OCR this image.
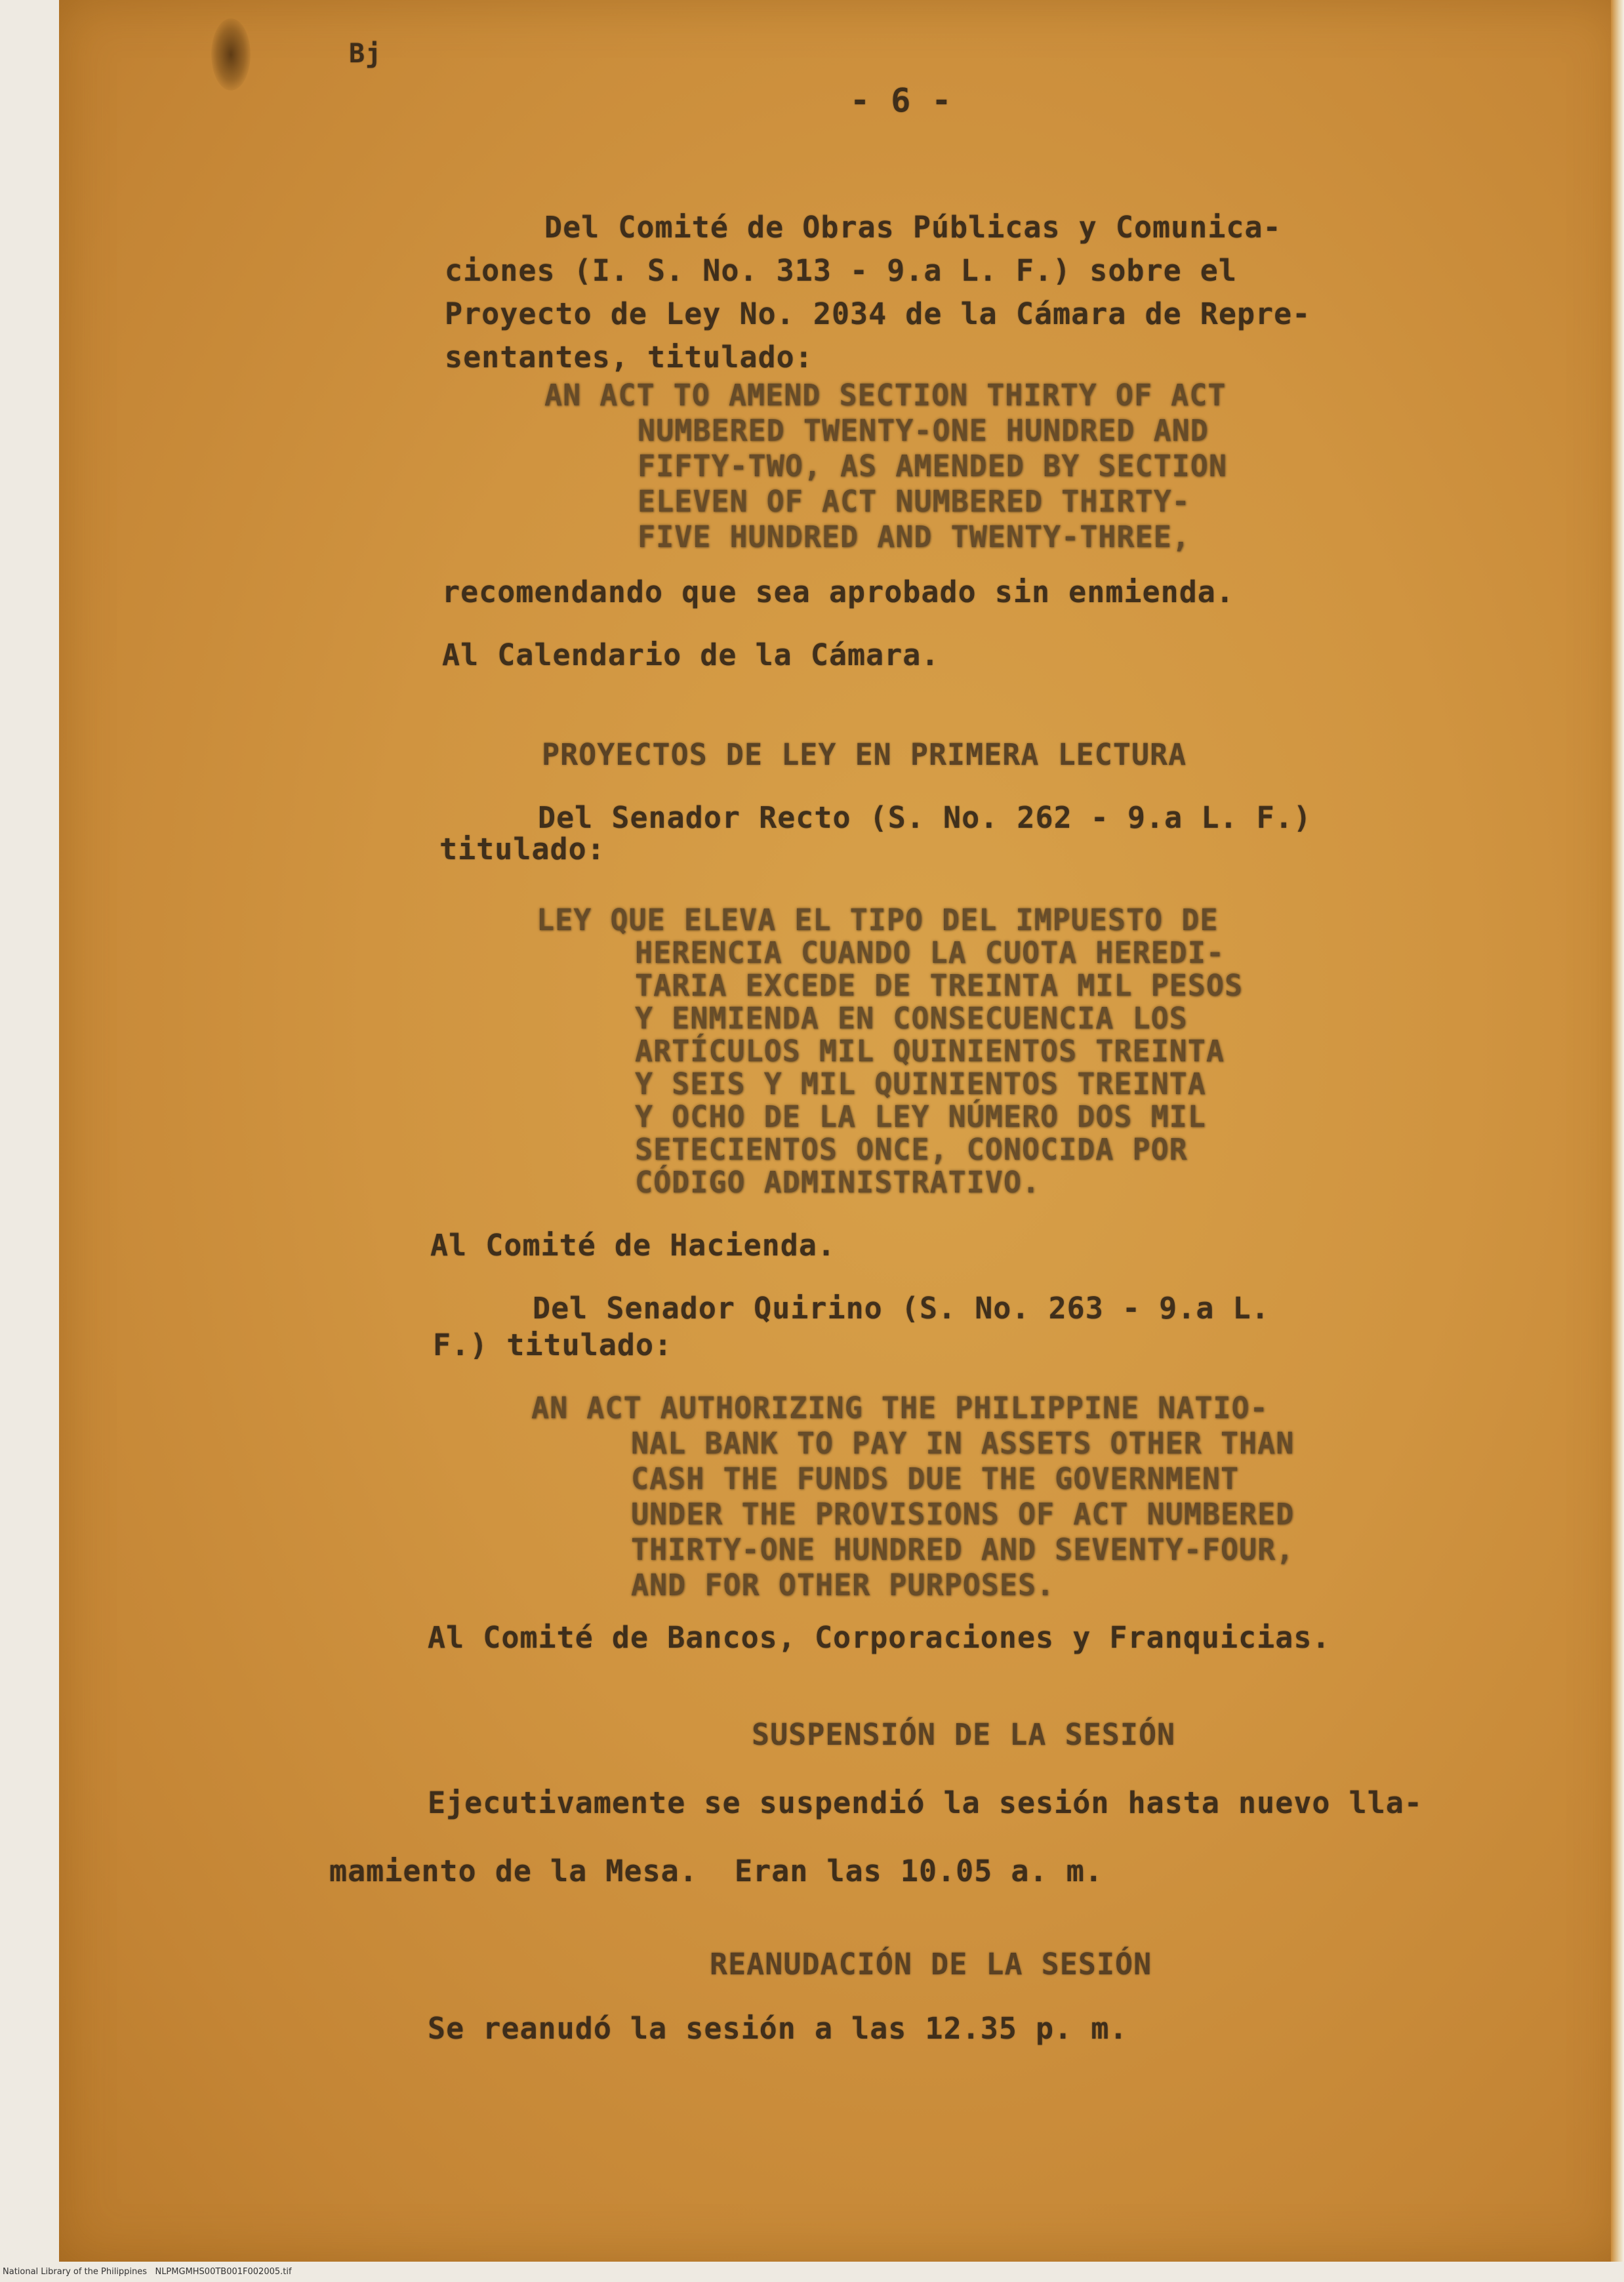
Bj
- 6 -
Del Comité de Obras Públicas y Comunica-
ciones (I. S. No. 313 - 9.a L. F.) sobre el
Proyecto de Ley No. 2034 de la Cámara de Repre-
sentantes, titulado:
AN ACT TO AMEND SECTION THIRTY OF ACT
NUMBERED TWENTY-ONE HUNDRED AND
FIFTY-TWO, AS AMENDED BY SECTION
ELEVEN OF ACT NUMBERED THIRTY-
FIVE HUNDRED AND TWENTY-THREE,
recomendando que sea aprobado sin enmienda.
Al Calendario de la Cámara.
PROYECTOS DE LEY EN PRIMERA LECTURA
Del Senador Recto (S. No. 262 - 9.a L. F.)
titulado:
LEY QUE ELEVA EL TIPO DEL IMPUESTO DE
HERENCIA CUANDO LA CUOTA HEREDI-
TARIA EXCEDE DE TREINTA MIL PESOS
Y ENMIENDA EN CONSECUENCIA LOS
ARTÍCULOS MIL QUINIENTOS TREINTA
Y SEIS Y MIL QUINIENTOS TREINTA
Y OCHO DE LA LEY NÚMERO DOS MIL
SETECIENTOS ONCE, CONOCIDA POR
CÓDIGO ADMINISTRATIVO.
Al Comité de Hacienda.
Del Senador Quirino (S. No. 263 - 9.a L.
F.) titulado:
AN ACT AUTHORIZING THE PHILIPPINE NATIO-
NAL BANK TO PAY IN ASSETS OTHER THAN
CASH THE FUNDS DUE THE GOVERNMENT
UNDER THE PROVISIONS OF ACT NUMBERED
THIRTY-ONE HUNDRED AND SEVENTY-FOUR,
AND FOR OTHER PURPOSES.
Al Comité de Bancos, Corporaciones y Franquicias.
SUSPENSIÓN DE LA SESIÓN
Ejecutivamente se suspendió la sesión hasta nuevo lla-
mamiento de la Mesa.  Eran las 10.05 a. m.
REANUDACIÓN DE LA SESIÓN
Se reanudó la sesión a las 12.35 p. m.
National Library of the Philippines NLPMGMHS00TB001F002005.tif
